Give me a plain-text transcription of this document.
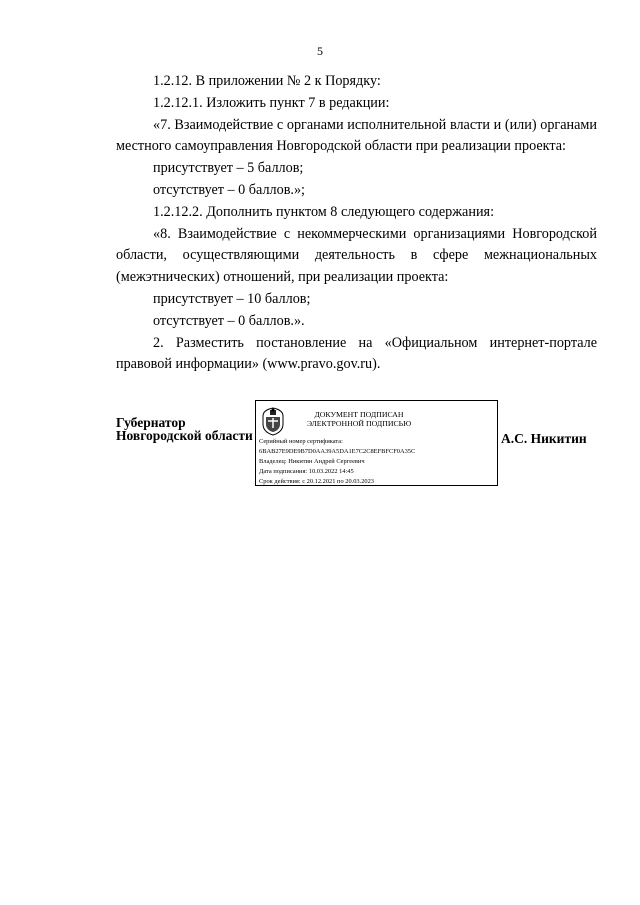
5

1.2.12. В приложении № 2 к Порядку:

1.2.12.1. Изложить пункт 7 в редакции:

«7. Взаимодействие с органами исполнительной власти и (или) органами местного самоуправления Новгородской области при реализации проекта:

присутствует – 5 баллов;

отсутствует – 0 баллов.»;

1.2.12.2. Дополнить пунктом 8 следующего содержания:

«8. Взаимодействие с некоммерческими организациями Новгородской области, осуществляющими деятельность в сфере межнациональных (межэтнических) отношений, при реализации проекта:

присутствует – 10 баллов;

отсутствует – 0 баллов.».

2. Разместить постановление на «Официальном интернет-портале правовой информации» (www.pravo.gov.ru).

Губернатор
Новгородской области
ДОКУМЕНТ ПОДПИСАН
ЭЛЕКТРОННОЙ ПОДПИСЬЮ
Серийный номер сертификата:
6BAB27E9DE9B7D0AA39A5DA1E7C2C8EFBFCF0A35C
Владелец: Никитин Андрей Сергеевич
Дата подписания: 10.03.2022 14:45
Срок действия: с 20.12.2021 по 20.03.2023
А.С. Никитин
